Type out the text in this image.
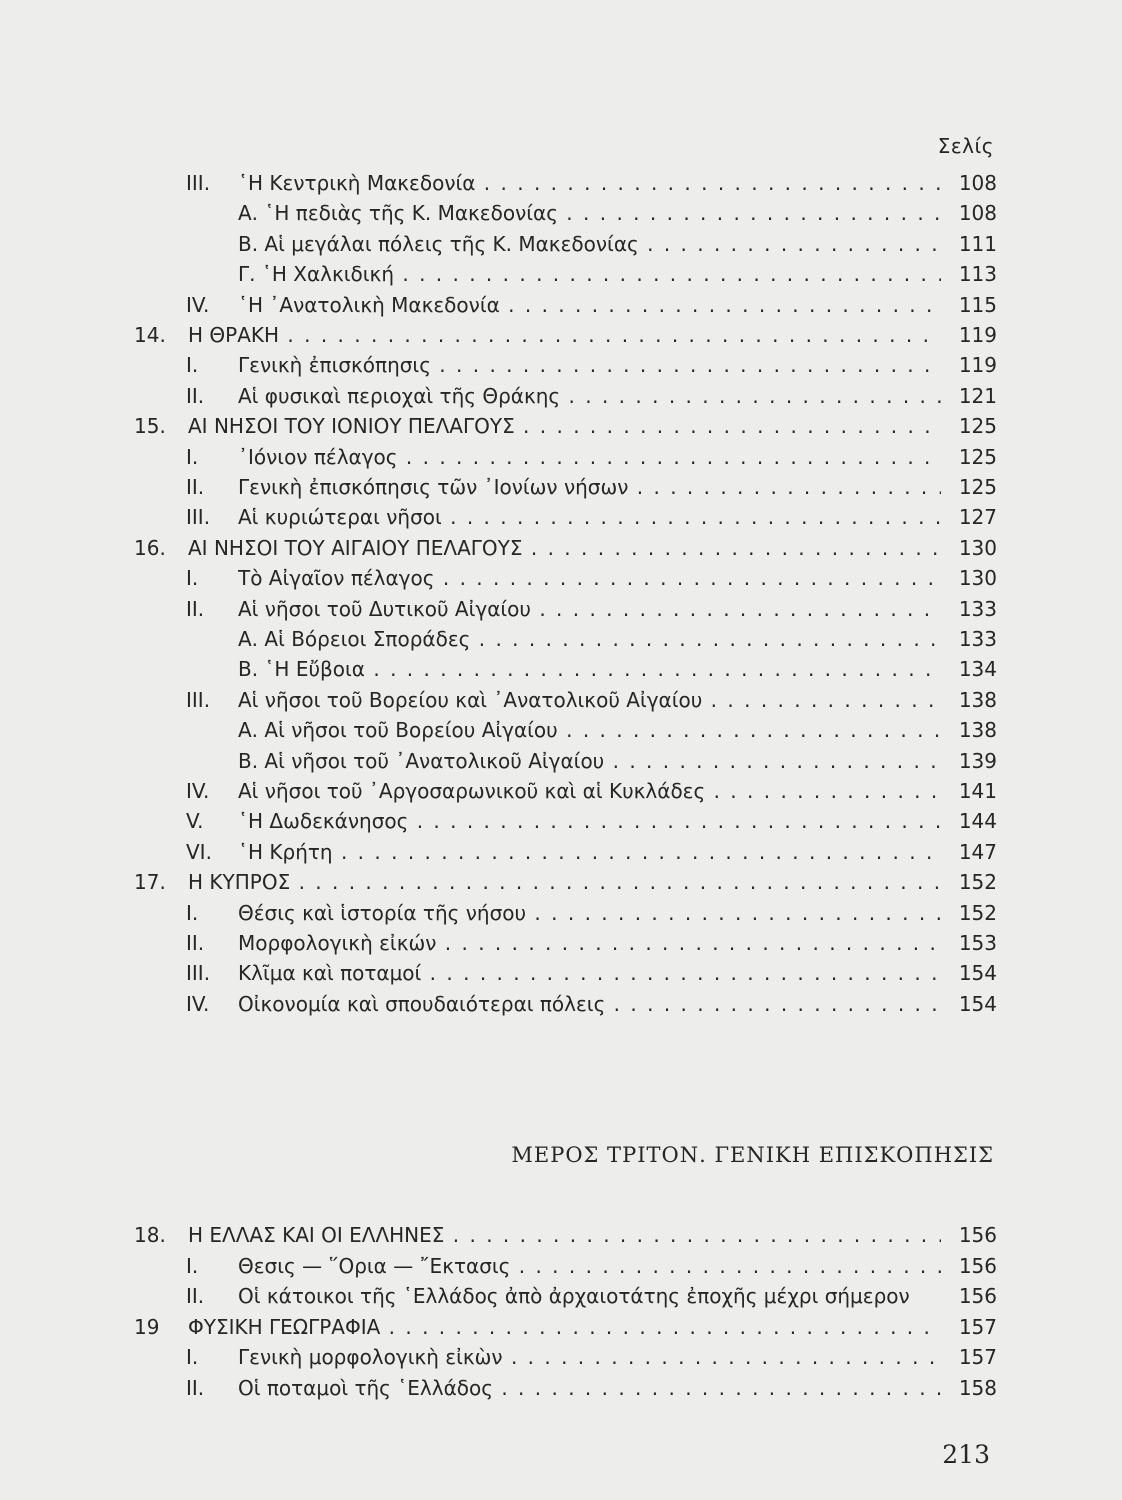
Σελίς
III. ῾Η Κεντρικὴ Μακεδονία . . .	108
Α. ῾Η πεδιὰς τῆς Κ. Μακεδονίας . . .	108
Β. Αἱ μεγάλαι πόλεις τῆς Κ. Μακεδονίας . . .	111
Γ. ῾Η Χαλκιδική . . .	113
IV. ῾Η ᾿Ανατολικὴ Μακεδονία . . .	115
14. Η ΘΡΑΚΗ . . .	119
I. Γενικὴ ἐπισκόπησις . . .	119
II. Αἱ φυσικαὶ περιοχαὶ τῆς Θράκης . . .	121
15. ΑΙ ΝΗΣΟΙ ΤΟΥ ΙΟΝΙΟΥ ΠΕΛΑΓΟΥΣ . . .	125
I. ᾿Ιόνιον πέλαγος . . .	125
II. Γενικὴ ἐπισκόπησις τῶν ᾿Ιονίων νήσων . . .	125
III. Αἱ κυριώτεραι νῆσοι . . .	127
16. ΑΙ ΝΗΣΟΙ ΤΟΥ ΑΙΓΑΙΟΥ ΠΕΛΑΓΟΥΣ . . .	130
I. Τὸ Αἰγαῖον πέλαγος . . .	130
II. Αἱ νῆσοι τοῦ Δυτικοῦ Αἰγαίου . . .	133
Α. Αἱ Βόρειοι Σποράδες . . .	133
Β. ῾Η Εὔβοια . . .	134
III. Αἱ νῆσοι τοῦ Βορείου καὶ ᾿Ανατολικοῦ Αἰγαίου . . .	138
Α. Αἱ νῆσοι τοῦ Βορείου Αἰγαίου . . .	138
Β. Αἱ νῆσοι τοῦ ᾿Ανατολικοῦ Αἰγαίου . . .	139
IV. Αἱ νῆσοι τοῦ ᾿Αργοσαρωνικοῦ καὶ αἱ Κυκλάδες . . .	141
V. ῾Η Δωδεκάνησος . . .	144
VI. ῾Η Κρήτη . . .	147
17. Η ΚΥΠΡΟΣ . . .	152
I. Θέσις καὶ ἱστορία τῆς νήσου . . .	152
II. Μορφολογικὴ εἰκών . . .	153
III. Κλῖμα καὶ ποταμοί . . .	154
IV. Οἰκονομία καὶ σπουδαιότεραι πόλεις . . .	154
ΜΕΡΟΣ ΤΡΙΤΟΝ. ΓΕΝΙΚΗ ΕΠΙΣΚΟΠΗΣΙΣ
18. Η ΕΛΛΑΣ ΚΑΙ ΟΙ ΕΛΛΗΝΕΣ . . .	156
I. Θεσις — ῞Ορια — ῎Εκτασις . . .	156
II. Οἱ κάτοικοι τῆς ῾Ελλάδος ἀπὸ ἀρχαιοτάτης ἐποχῆς μέχρι σήμερον	156
19 ΦΥΣΙΚΗ ΓΕΩΓΡΑΦΙΑ . . .	157
I. Γενικὴ μορφολογικὴ εἰκὼν . . .	157
II. Οἱ ποταμοὶ τῆς ῾Ελλάδος . . .	158
213
